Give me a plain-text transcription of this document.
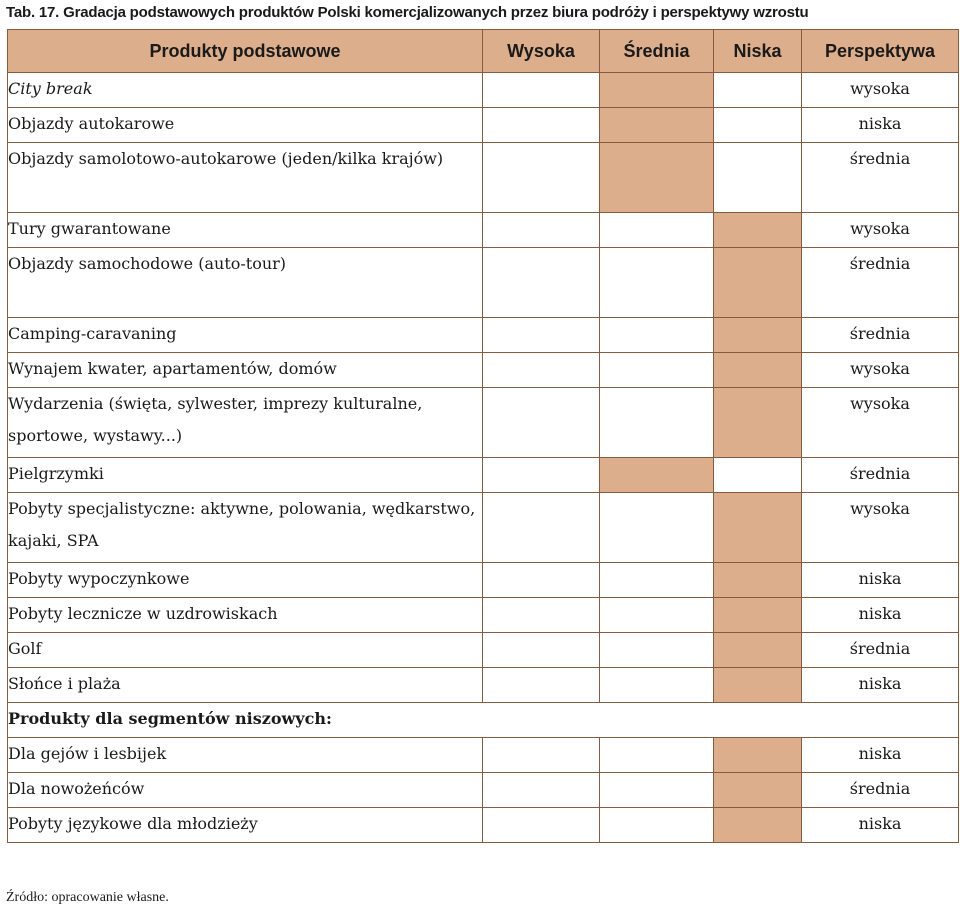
Tab. 17. Gradacja podstawowych produktów Polski komercjalizowanych przez biura podróży i perspektywy wzrostu
Produkty podstawowe	Wysoka	Średnia	Niska	Perspektywa
City break				wysoka
Objazdy autokarowe				niska
Objazdy samolotowo-autokarowe (jeden/kilka krajów)				średnia
Tury gwarantowane				wysoka
Objazdy samochodowe (auto-tour)				średnia
Camping-caravaning				średnia
Wynajem kwater, apartamentów, domów				wysoka
Wydarzenia (święta, sylwester, imprezy kulturalne, sportowe, wystawy...)				wysoka
Pielgrzymki				średnia
Pobyty specjalistyczne: aktywne, polowania, wędkarstwo, kajaki, SPA				wysoka
Pobyty wypoczynkowe				niska
Pobyty lecznicze w uzdrowiskach				niska
Golf				średnia
Słońce i plaża				niska
Produkty dla segmentów niszowych:				
Dla gejów i lesbijek				niska
Dla nowożeńców				średnia
Pobyty językowe dla młodzieży				niska
Źródło: opracowanie własne.
